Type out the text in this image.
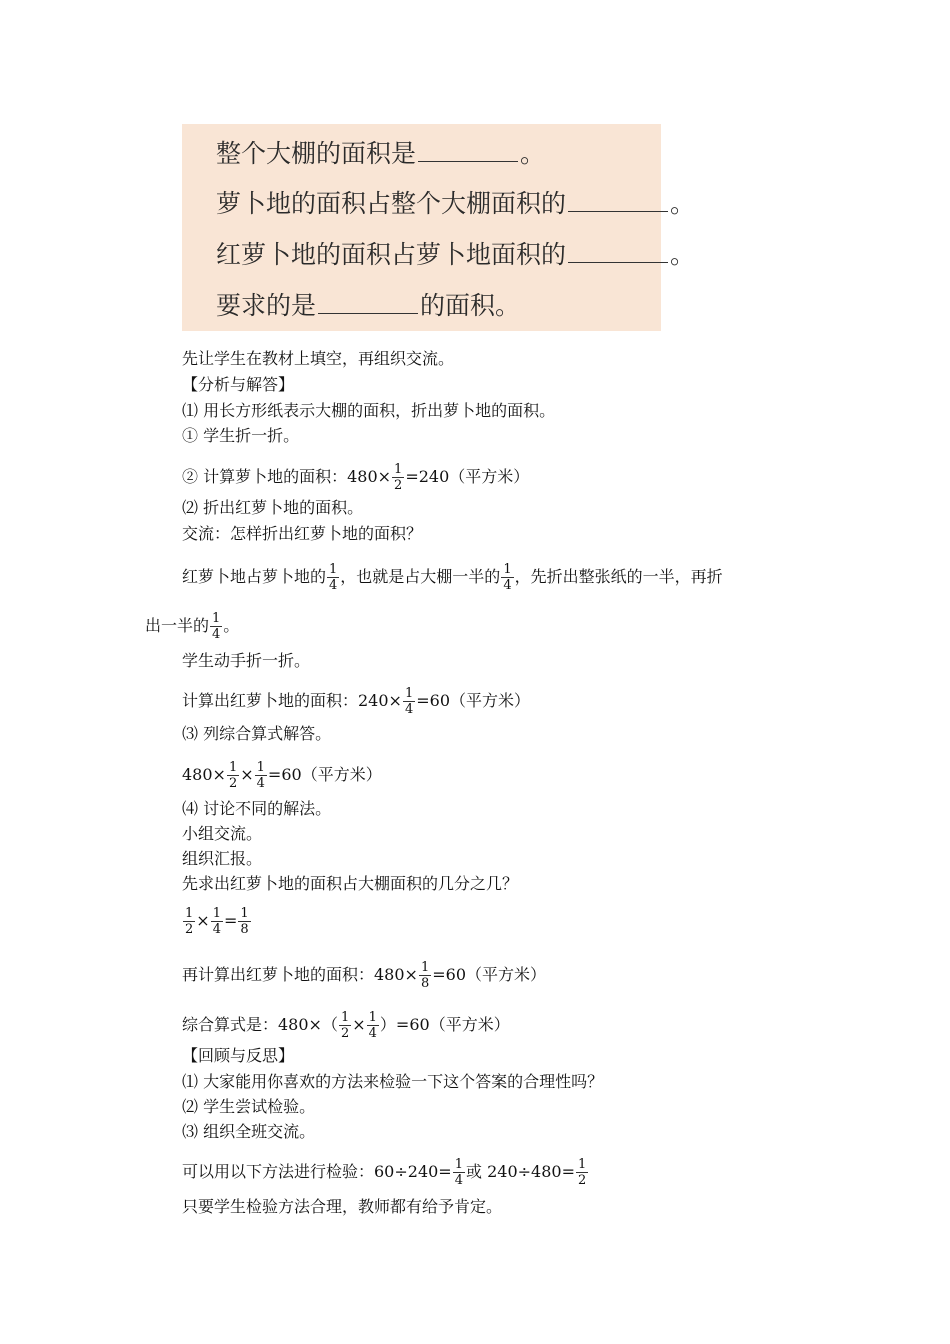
整个大棚的面积是	。
萝卜地的面积占整个大棚面积的	。
红萝卜地的面积占萝卜地面积的	。
要求的是	的面积。
先让学生在教材上填空，再组织交流。
【分析与解答】
⑴ 用长方形纸表示大棚的面积，折出萝卜地的面积。
① 学生折一折。
② 计算萝卜地的面积：$480\times \frac{1}{2} =240$（平方米）
⑵ 折出红萝卜地的面积。
交流：怎样折出红萝卜地的面积？
红萝卜地占萝卜地的 $\frac{1}{4}$ ，也就是占大棚一半的 $\frac{1}{4}$ ，先折出整张纸的一半，再折
出一半的 $\frac{1}{4}$ 。
学生动手折一折。
计算出红萝卜地的面积：$240\times \frac{1}{4} =60$（平方米）
⑶ 列综合算式解答。
$480\times \frac{1}{2} \times \frac{1}{4} =60$（平方米）
⑷ 讨论不同的解法。
小组交流。
组织汇报。
先求出红萝卜地的面积占大棚面积的几分之几？
$\frac{1}{2} \times \frac{1}{4} = \frac{1}{8}$
再计算出红萝卜地的面积：$480\times \frac{1}{8} =60$（平方米）
综合算式是：$480\times( \frac{1}{2} \times \frac{1}{4} )=60$（平方米）
【回顾与反思】
⑴ 大家能用你喜欢的方法来检验一下这个答案的合理性吗？
⑵ 学生尝试检验。
⑶ 组织全班交流。
可以用以下方法进行检验：$60\div 240= \frac{1}{4}$ 或 $240\div 480= \frac{1}{2}$
只要学生检验方法合理，教师都有给予肯定。
